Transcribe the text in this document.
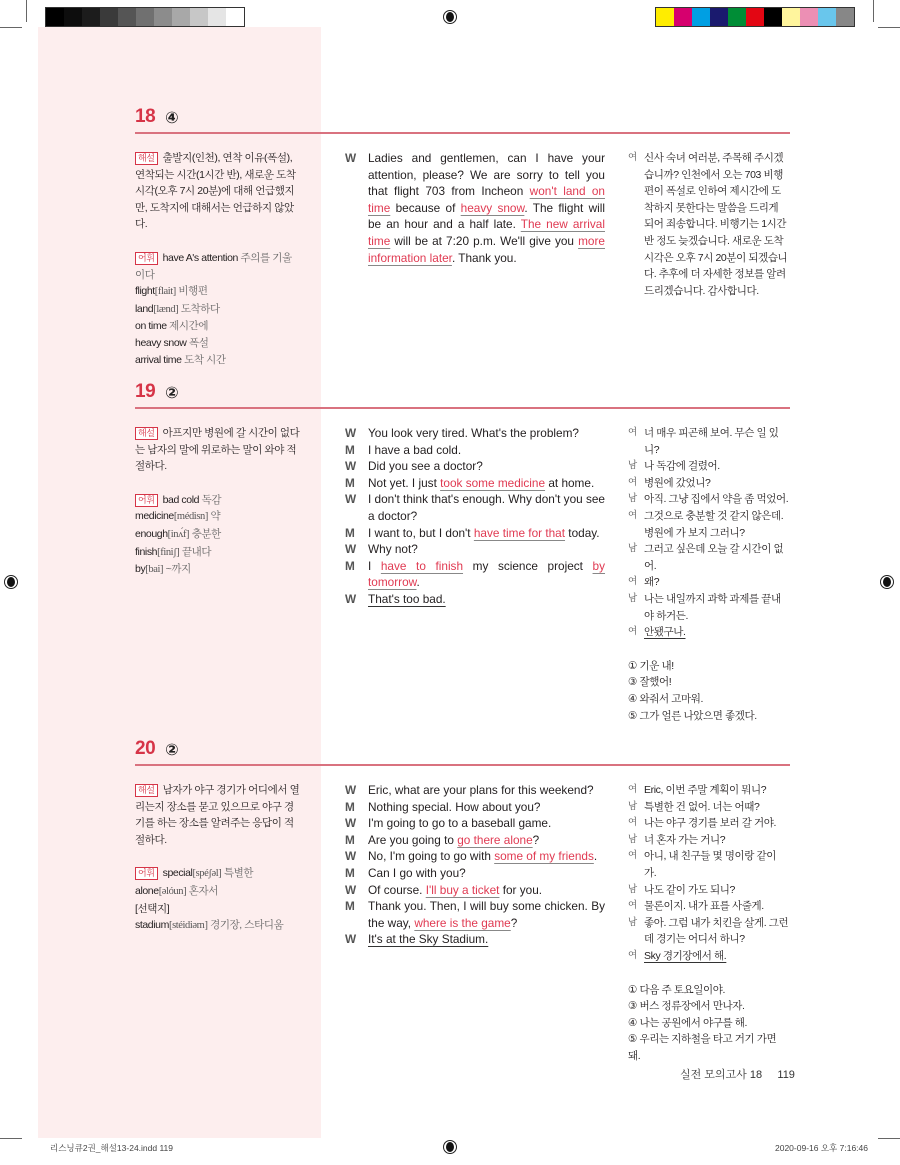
18 ④
해설 출발지(인천), 연착 이유(폭설), 연착되는 시간(1시간 반), 새로운 도착 시각(오후 7시 20분)에 대해 언급했지만, 도착지에 대해서는 언급하지 않았다.
어휘 have A's attention 주의를 기울이다
flight[flait] 비행편
land[lænd] 도착하다
on time 제시간에
heavy snow 폭설
arrival time 도착 시간
W	Ladies and gentlemen, can I have your attention, please? We are sorry to tell you that flight 703 from Incheon won't land on time because of heavy snow. The flight will be an hour and a half late. The new arrival time will be at 7:20 p.m. We'll give you more information later. Thank you.
여 신사 숙녀 여러분, 주목해 주시겠습니까? 인천에서 오는 703 비행편이 폭설로 인하여 제시간에 도착하지 못한다는 말씀을 드리게 되어 죄송합니다. 비행기는 1시간 반 정도 늦겠습니다. 새로운 도착 시각은 오후 7시 20분이 되겠습니다. 추후에 더 자세한 정보를 알려 드리겠습니다. 감사합니다.
19 ②
해설 아프지만 병원에 갈 시간이 없다는 남자의 말에 위로하는 말이 와야 적절하다.
어휘 bad cold 독감
medicine[médisn] 약
enough[inʌ́f] 충분한
finish[finiʃ] 끝내다
by[bai] ~까지
W	You look very tired. What's the problem?
M	I have a bad cold.
W	Did you see a doctor?
M	Not yet. I just took some medicine at home.
W	I don't think that's enough. Why don't you see a doctor?
M	I want to, but I don't have time for that today.
W	Why not?
M	I have to finish my science project by tomorrow.
W	That's too bad.
여 너 매우 피곤해 보여. 무슨 일 있니?
남 나 독감에 걸렸어.
여 병원에 갔었니?
남 아직. 그냥 집에서 약을 좀 먹었어.
여 그것으로 충분할 것 같지 않은데. 병원에 가 보지 그러니?
남 그러고 싶은데 오늘 갈 시간이 없어.
여 왜?
남 나는 내일까지 과학 과제를 끝내야 하거든.
여 안됐구나.
① 기운 내!
③ 잘했어!
④ 와줘서 고마워.
⑤ 그가 얼른 나았으면 좋겠다.
20 ②
해설 남자가 야구 경기가 어디에서 열리는지 장소를 묻고 있으므로 야구 경기를 하는 장소를 알려주는 응답이 적절하다.
어휘 special[spéʃəl] 특별한
alone[əlóun] 혼자서
[선택지]
stadium[stéidiəm] 경기장, 스타디움
W	Eric, what are your plans for this weekend?
M	Nothing special. How about you?
W	I'm going to go to a baseball game.
M	Are you going to go there alone?
W	No, I'm going to go with some of my friends.
M	Can I go with you?
W	Of course. I'll buy a ticket for you.
M	Thank you. Then, I will buy some chicken. By the way, where is the game?
W	It's at the Sky Stadium.
여 Eric, 이번 주말 계획이 뭐니?
남 특별한 건 없어. 너는 어때?
여 나는 야구 경기를 보러 갈 거야.
남 너 혼자 가는 거니?
여 아니, 내 친구들 몇 명이랑 같이 가.
남 나도 같이 가도 되니?
여 물론이지. 내가 표를 사줄게.
남 좋아. 그럼 내가 치킨을 살게. 그런데 경기는 어디서 하니?
여 Sky 경기장에서 해.
① 다음 주 토요일이야.
③ 버스 정류장에서 만나자.
④ 나는 공원에서 야구를 해.
⑤ 우리는 지하철을 타고 거기 가면 돼.
실전 모의고사 18 119
리스닝큐2권_해설13-24.indd 119	2020-09-16 오후 7:16:46
